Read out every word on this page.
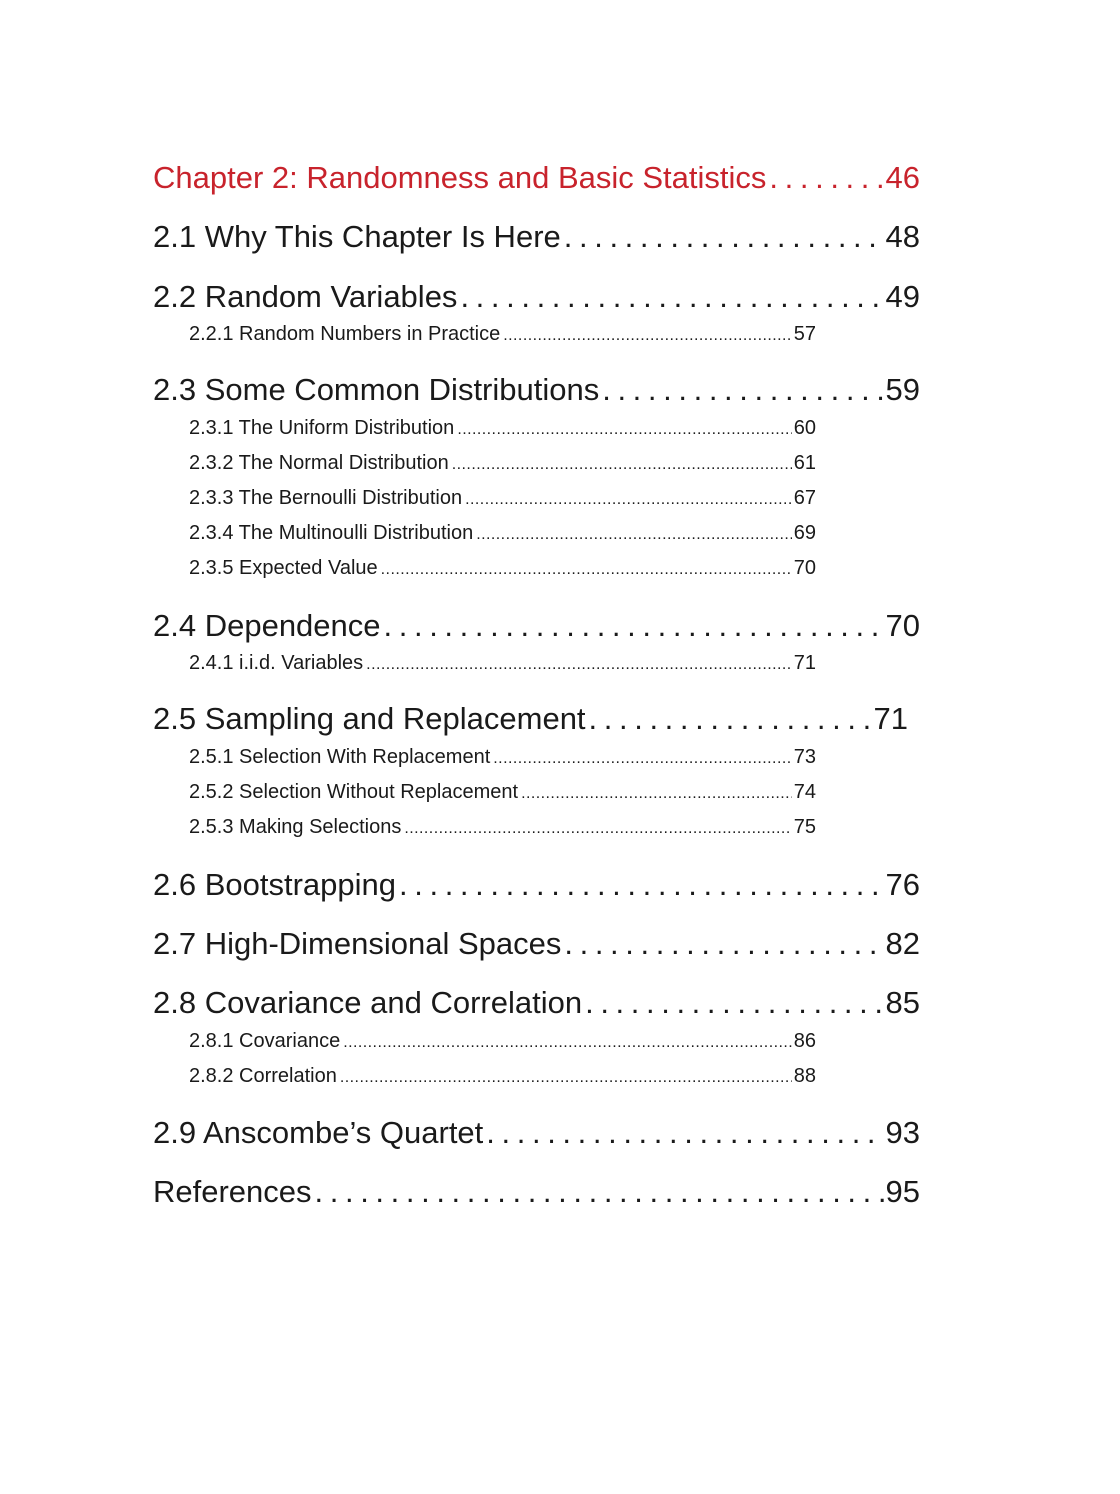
Chapter 2: Randomness and Basic Statistics . . .	46
2.1 Why This Chapter Is Here . . .	48
2.2 Random Variables . . .	49
2.2.1 Random Numbers in Practice . . .	57
2.3 Some Common Distributions . . .	59
2.3.1 The Uniform Distribution . . .	60
2.3.2 The Normal Distribution . . .	61
2.3.3 The Bernoulli Distribution . . .	67
2.3.4 The Multinoulli Distribution . . .	69
2.3.5 Expected Value . . .	70
2.4 Dependence . . .	70
2.4.1 i.i.d. Variables . . .	71
2.5 Sampling and Replacement . . .	71
2.5.1 Selection With Replacement . . .	73
2.5.2 Selection Without Replacement . . .	74
2.5.3 Making Selections . . .	75
2.6 Bootstrapping . . .	76
2.7 High-Dimensional Spaces . . .	82
2.8 Covariance and Correlation . . .	85
2.8.1 Covariance . . .	86
2.8.2 Correlation . . .	88
2.9 Anscombe’s Quartet . . .	93
References . . .	95
